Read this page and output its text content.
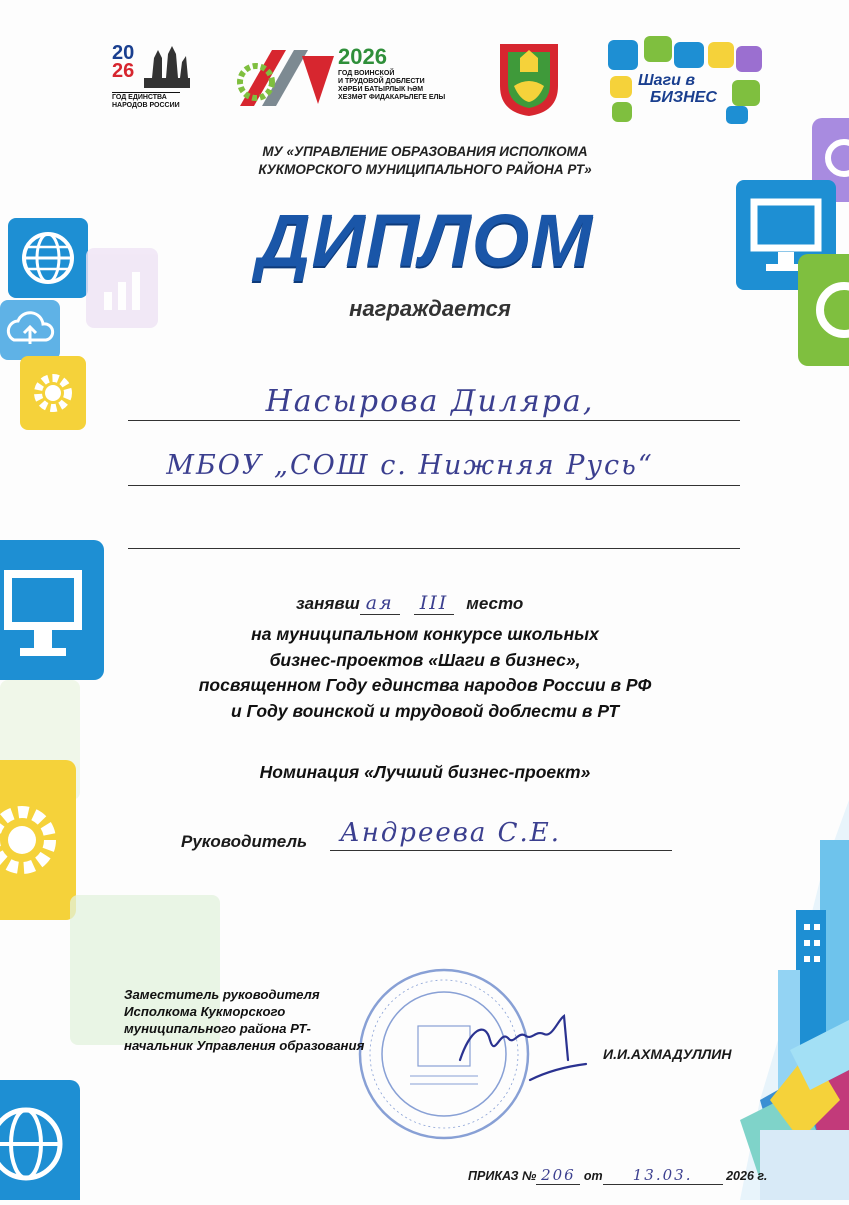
20
26
ГОД ЕДИНСТВА
НАРОДОВ РОССИИ
2026
ГОД ВОИНСКОЙ
И ТРУДОВОЙ ДОБЛЕСТИ
ХӘРБИ БАТЫРЛЫК ҺӘМ
ХЕЗМӘТ ФИДАКАРЬЛЕГЕ ЕЛЫ
Шаги в
БИЗНЕС
МУ «УПРАВЛЕНИЕ ОБРАЗОВАНИЯ ИСПОЛКОМА
КУКМОРСКОГО МУНИЦИПАЛЬНОГО РАЙОНА РТ»
ДИПЛОМ
награждается
Насырова Диляра,
МБОУ „СОШ с. Нижняя Русь“
занявш ая III место
на муниципальном конкурсе школьных
бизнес-проектов «Шаги в бизнес»,
посвященном Году единства народов России в РФ
и Году воинской и трудовой доблести в РТ
Номинация «Лучший бизнес-проект»
Руководитель Андреева С.Е.
Заместитель руководителя
Исполкома Кукморского
муниципального района РТ-
начальник Управления образования
И.И.АХМАДУЛЛИН
ПРИКАЗ № 206 от 13.03.	2026 г.
